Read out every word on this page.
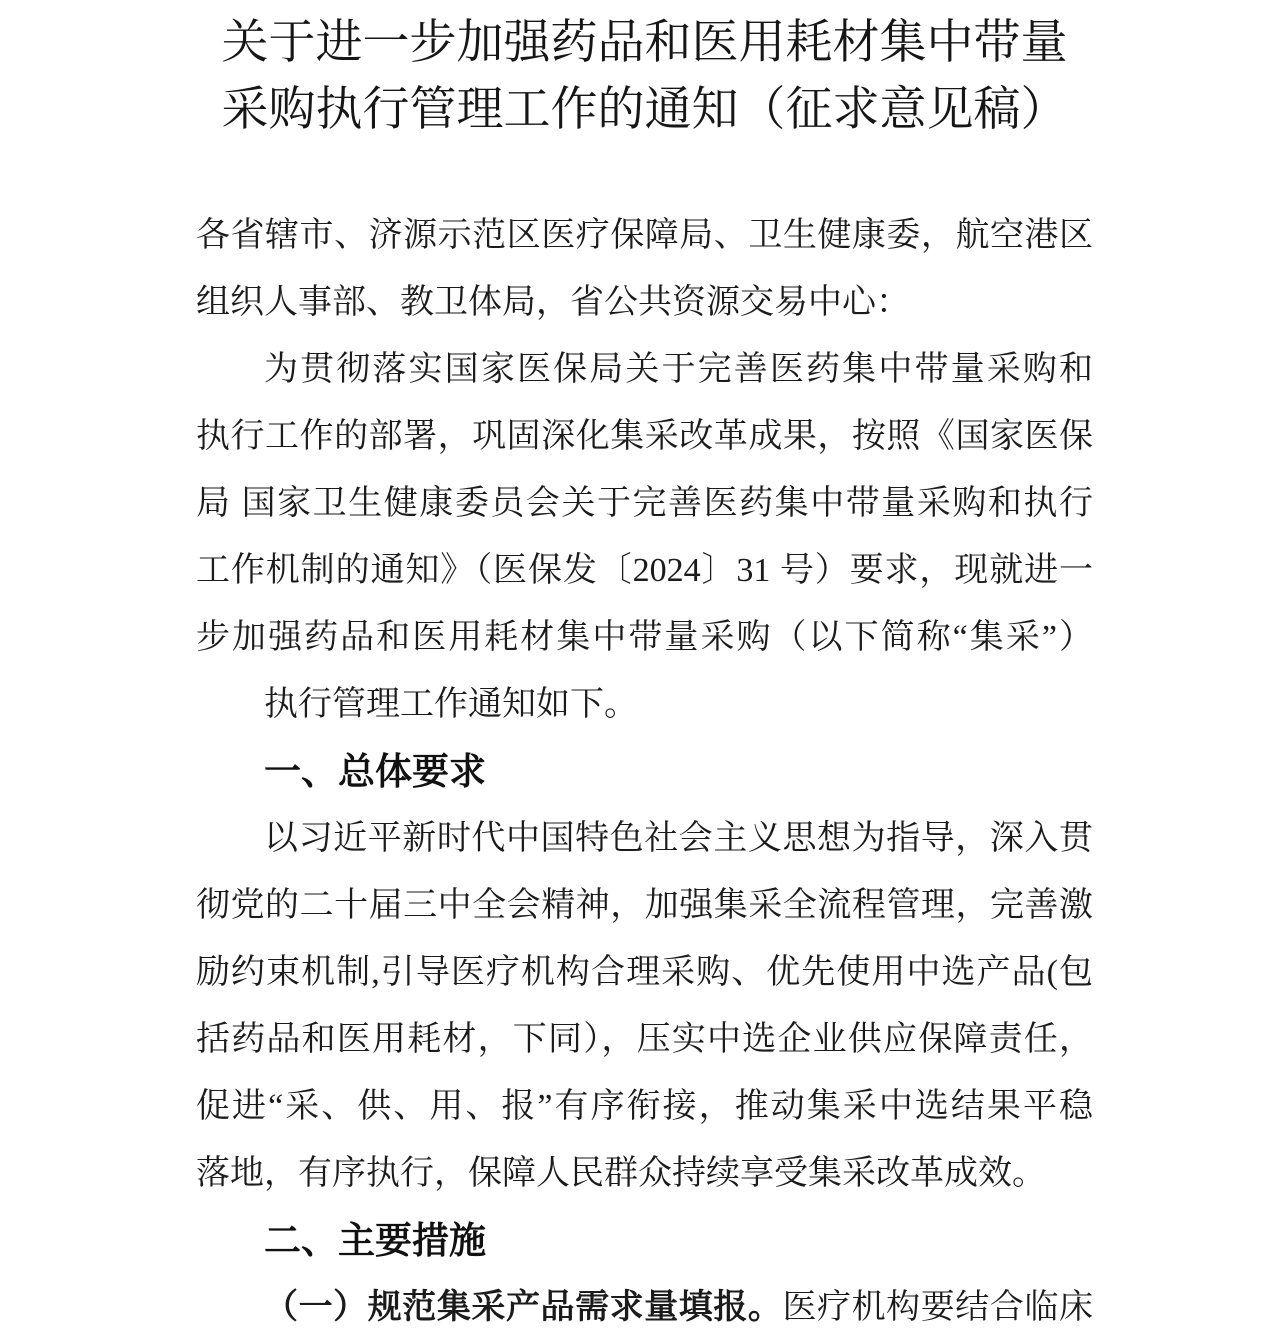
关于进一步加强药品和医用耗材集中带量
采购执行管理工作的通知（征求意见稿）
各省辖市、济源示范区医疗保障局、卫生健康委，航空港区
组织人事部、教卫体局，省公共资源交易中心：
为贯彻落实国家医保局关于完善医药集中带量采购和
执行工作的部署，巩固深化集采改革成果，按照《国家医保
局 国家卫生健康委员会关于完善医药集中带量采购和执行
工作机制的通知》（医保发〔2024〕31 号）要求，现就进一
步加强药品和医用耗材集中带量采购（以下简称“集采”）
执行管理工作通知如下。
一、总体要求
以习近平新时代中国特色社会主义思想为指导，深入贯
彻党的二十届三中全会精神，加强集采全流程管理，完善激
励约束机制,引导医疗机构合理采购、优先使用中选产品(包
括药品和医用耗材，下同），压实中选企业供应保障责任，
促进“采、供、用、报”有序衔接，推动集采中选结果平稳
落地，有序执行，保障人民群众持续享受集采改革成效。
二、主要措施
（一）规范集采产品需求量填报。医疗机构要结合临床
